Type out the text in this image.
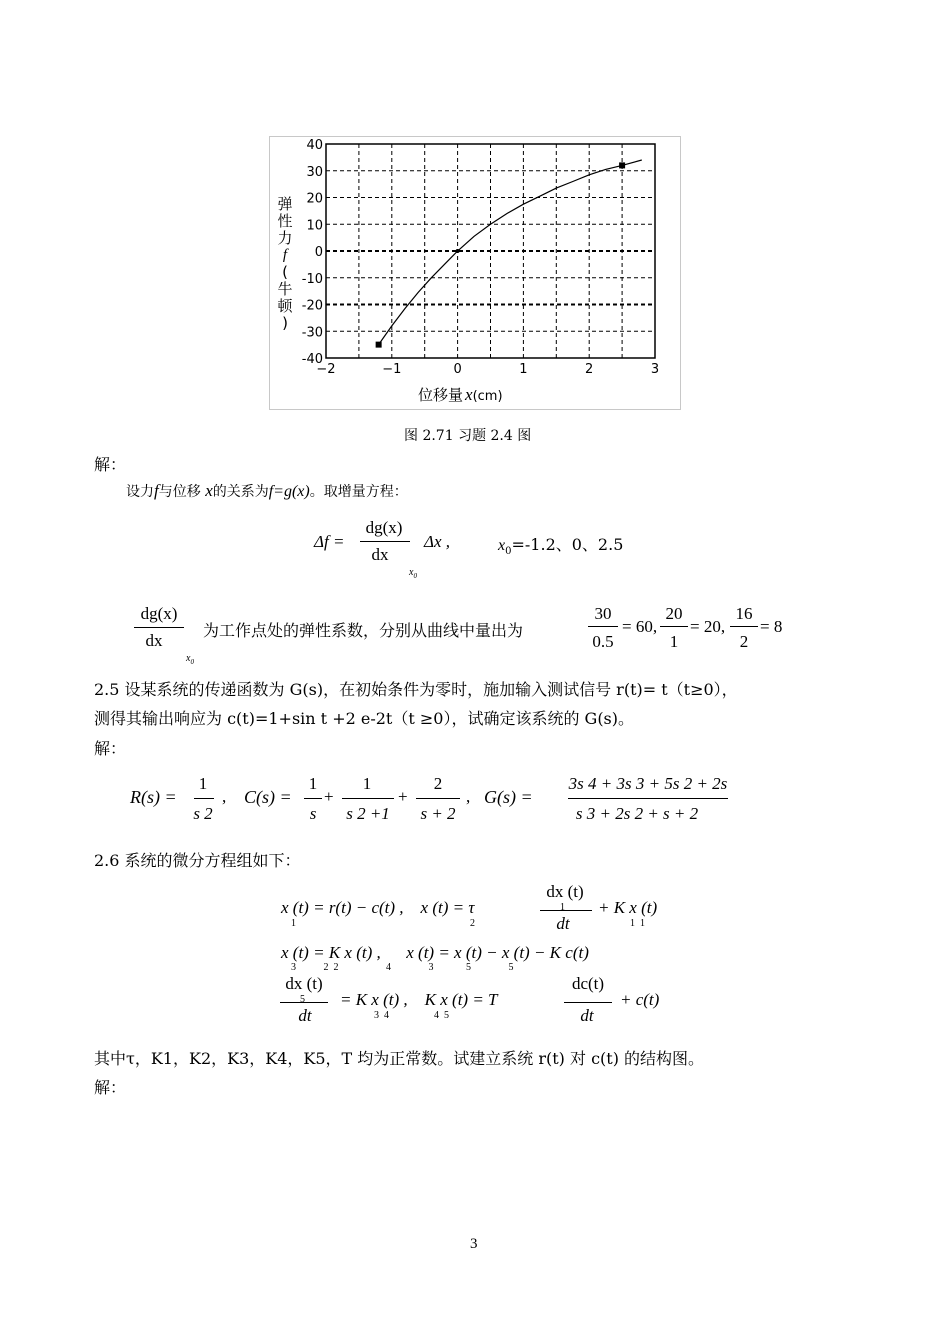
−2	−1	0	1	2	3
40
30
20
10
0
-10
-20
-30
-40
弹
性
力
f
(
牛
顿
)
位移量 x(cm)
图 2.71 习题 2.4 图
解：
设力f与位移 x的关系为f=g(x)。取增量方程：
Δf =
dg(x)
dx
$x_0$
Δx ,	$x_0=-1.2$、0、2.5
dg(x)
dx
$x_0$
为工作点处的弹性系数，分别从曲线中量出为
30
0.5
= 60,
20
1
= 20,
16
2
= 8
2.5 设某系统的传递函数为 G(s)，在初始条件为零时，施加输入测试信号 r(t)= t（t≥0），
测得其输出响应为 c(t)=1+sin t +2 e-2t（t ≥0），试确定该系统的 G(s)。
解：
R(s) =
1
s 2
, C(s) =
1
s
+
1
s 2 +1
+
2
s + 2
, G(s) =
3s 4 + 3s 3 + 5s 2 + 2s
s 3 + 2s 2 + s + 2
2.6 系统的微分方程组如下：
x (t) = r(t) − c(t) ,    x (t) = τ
1	2
dx (t)
1
dt
+ K x (t)
1  1
x (t) = K x (t) ,      x (t) = x (t) − x (t) − K c(t)
3           2  2                   4               3             5               5
dx (t)
5
dt
= K x (t) ,    K x (t) = T
3  4                  4  5
dc(t)
dt
+ c(t)
其中τ，K1，K2，K3，K4，K5，T 均为正常数。试建立系统 r(t) 对 c(t) 的结构图。
解：
3
